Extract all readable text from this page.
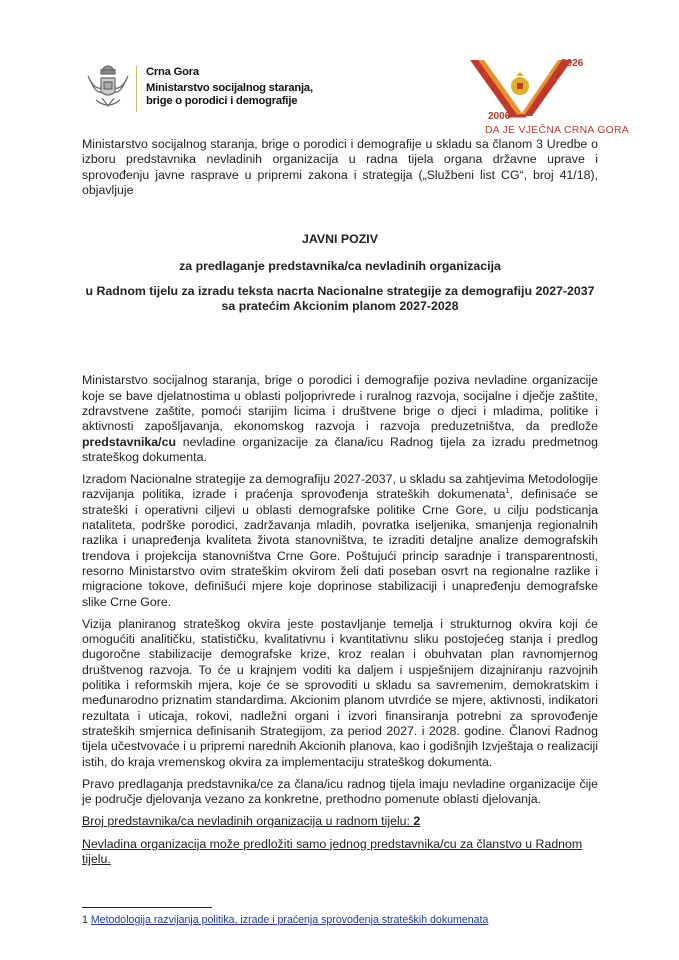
Crna Gora
Ministarstvo socijalnog staranja,
brige o porodici i demografije
2006
2026
DA JE VJEČNA CRNA GORA

Ministarstvo socijalnog staranja, brige o porodici i demografije u skladu sa članom 3 Uredbe o izboru predstavnika nevladinih organizacija u radna tijela organa državne uprave i sprovođenju javne rasprave u pripremi zakona i strategija („Službeni list CG“, broj 41/18), objavljuje

JAVNI POZIV
za predlaganje predstavnika/ca nevladinih organizacija
u Radnom tijelu za izradu teksta nacrta Nacionalne strategije za demografiju 2027-2037 sa pratećim Akcionim planom 2027-2028

Ministarstvo socijalnog staranja, brige o porodici i demografije poziva nevladine organizacije koje se bave djelatnostima u oblasti poljoprivrede i ruralnog razvoja, socijalne i dječje zaštite, zdravstvene zaštite, pomoći starijim licima i društvene brige o djeci i mladima, politike i aktivnosti zapošljavanja, ekonomskog razvoja i razvoja preduzetništva, da predlože predstavnika/cu nevladine organizacije za člana/icu Radnog tijela za izradu predmetnog strateškog dokumenta.

Izradom Nacionalne strategije za demografiju 2027-2037, u skladu sa zahtjevima Metodologije razvijanja politika, izrade i praćenja sprovođenja strateških dokumenata$^1$, definisaće se strateški i operativni ciljevi u oblasti demografske politike Crne Gore, u cilju podsticanja nataliteta, podrške porodici, zadržavanja mladih, povratka iseljenika, smanjenja regionalnih razlika i unapređenja kvaliteta života stanovništva, te izraditi detaljne analize demografskih trendova i projekcija stanovništva Crne Gore. Poštujući princip saradnje i transparentnosti, resorno Ministarstvo ovim strateškim okvirom želi dati poseban osvrt na regionalne razlike i migracione tokove, definišući mjere koje doprinose stabilizaciji i unapređenju demografske slike Crne Gore.

Vizija planiranog strateškog okvira jeste postavljanje temelja i strukturnog okvira koji će omogućiti analitičku, statističku, kvalitativnu i kvantitativnu sliku postojećeg stanja i predlog dugoročne stabilizacije demografske krize, kroz realan i obuhvatan plan ravnomjernog društvenog razvoja. To će u krajnjem voditi ka daljem i uspješnijem dizajniranju razvojnih politika i reformskih mjera, koje će se sprovoditi u skladu sa savremenim, demokratskim i međunarodno priznatim standardima. Akcionim planom utvrdiće se mjere, aktivnosti, indikatori rezultata i uticaja, rokovi, nadležni organi i izvori finansiranja potrebni za sprovođenje strateških smjernica definisanih Strategijom, za period 2027. i 2028. godine. Članovi Radnog tijela učestvovaće i u pripremi narednih Akcionih planova, kao i godišnjih Izvještaja o realizaciji istih, do kraja vremenskog okvira za implementaciju strateškog dokumenta.

Pravo predlaganja predstavnika/ce za člana/icu radnog tijela imaju nevladine organizacije čije je područje djelovanja vezano za konkretne, prethodno pomenute oblasti djelovanja.

Broj predstavnika/ca nevladinih organizacija u radnom tijelu: 2

Nevladina organizacija može predložiti samo jednog predstavnika/cu za članstvo u Radnom tijelu.

1 Metodologija razvijanja politika, izrade i praćenja sprovođenja strateških dokumenata
